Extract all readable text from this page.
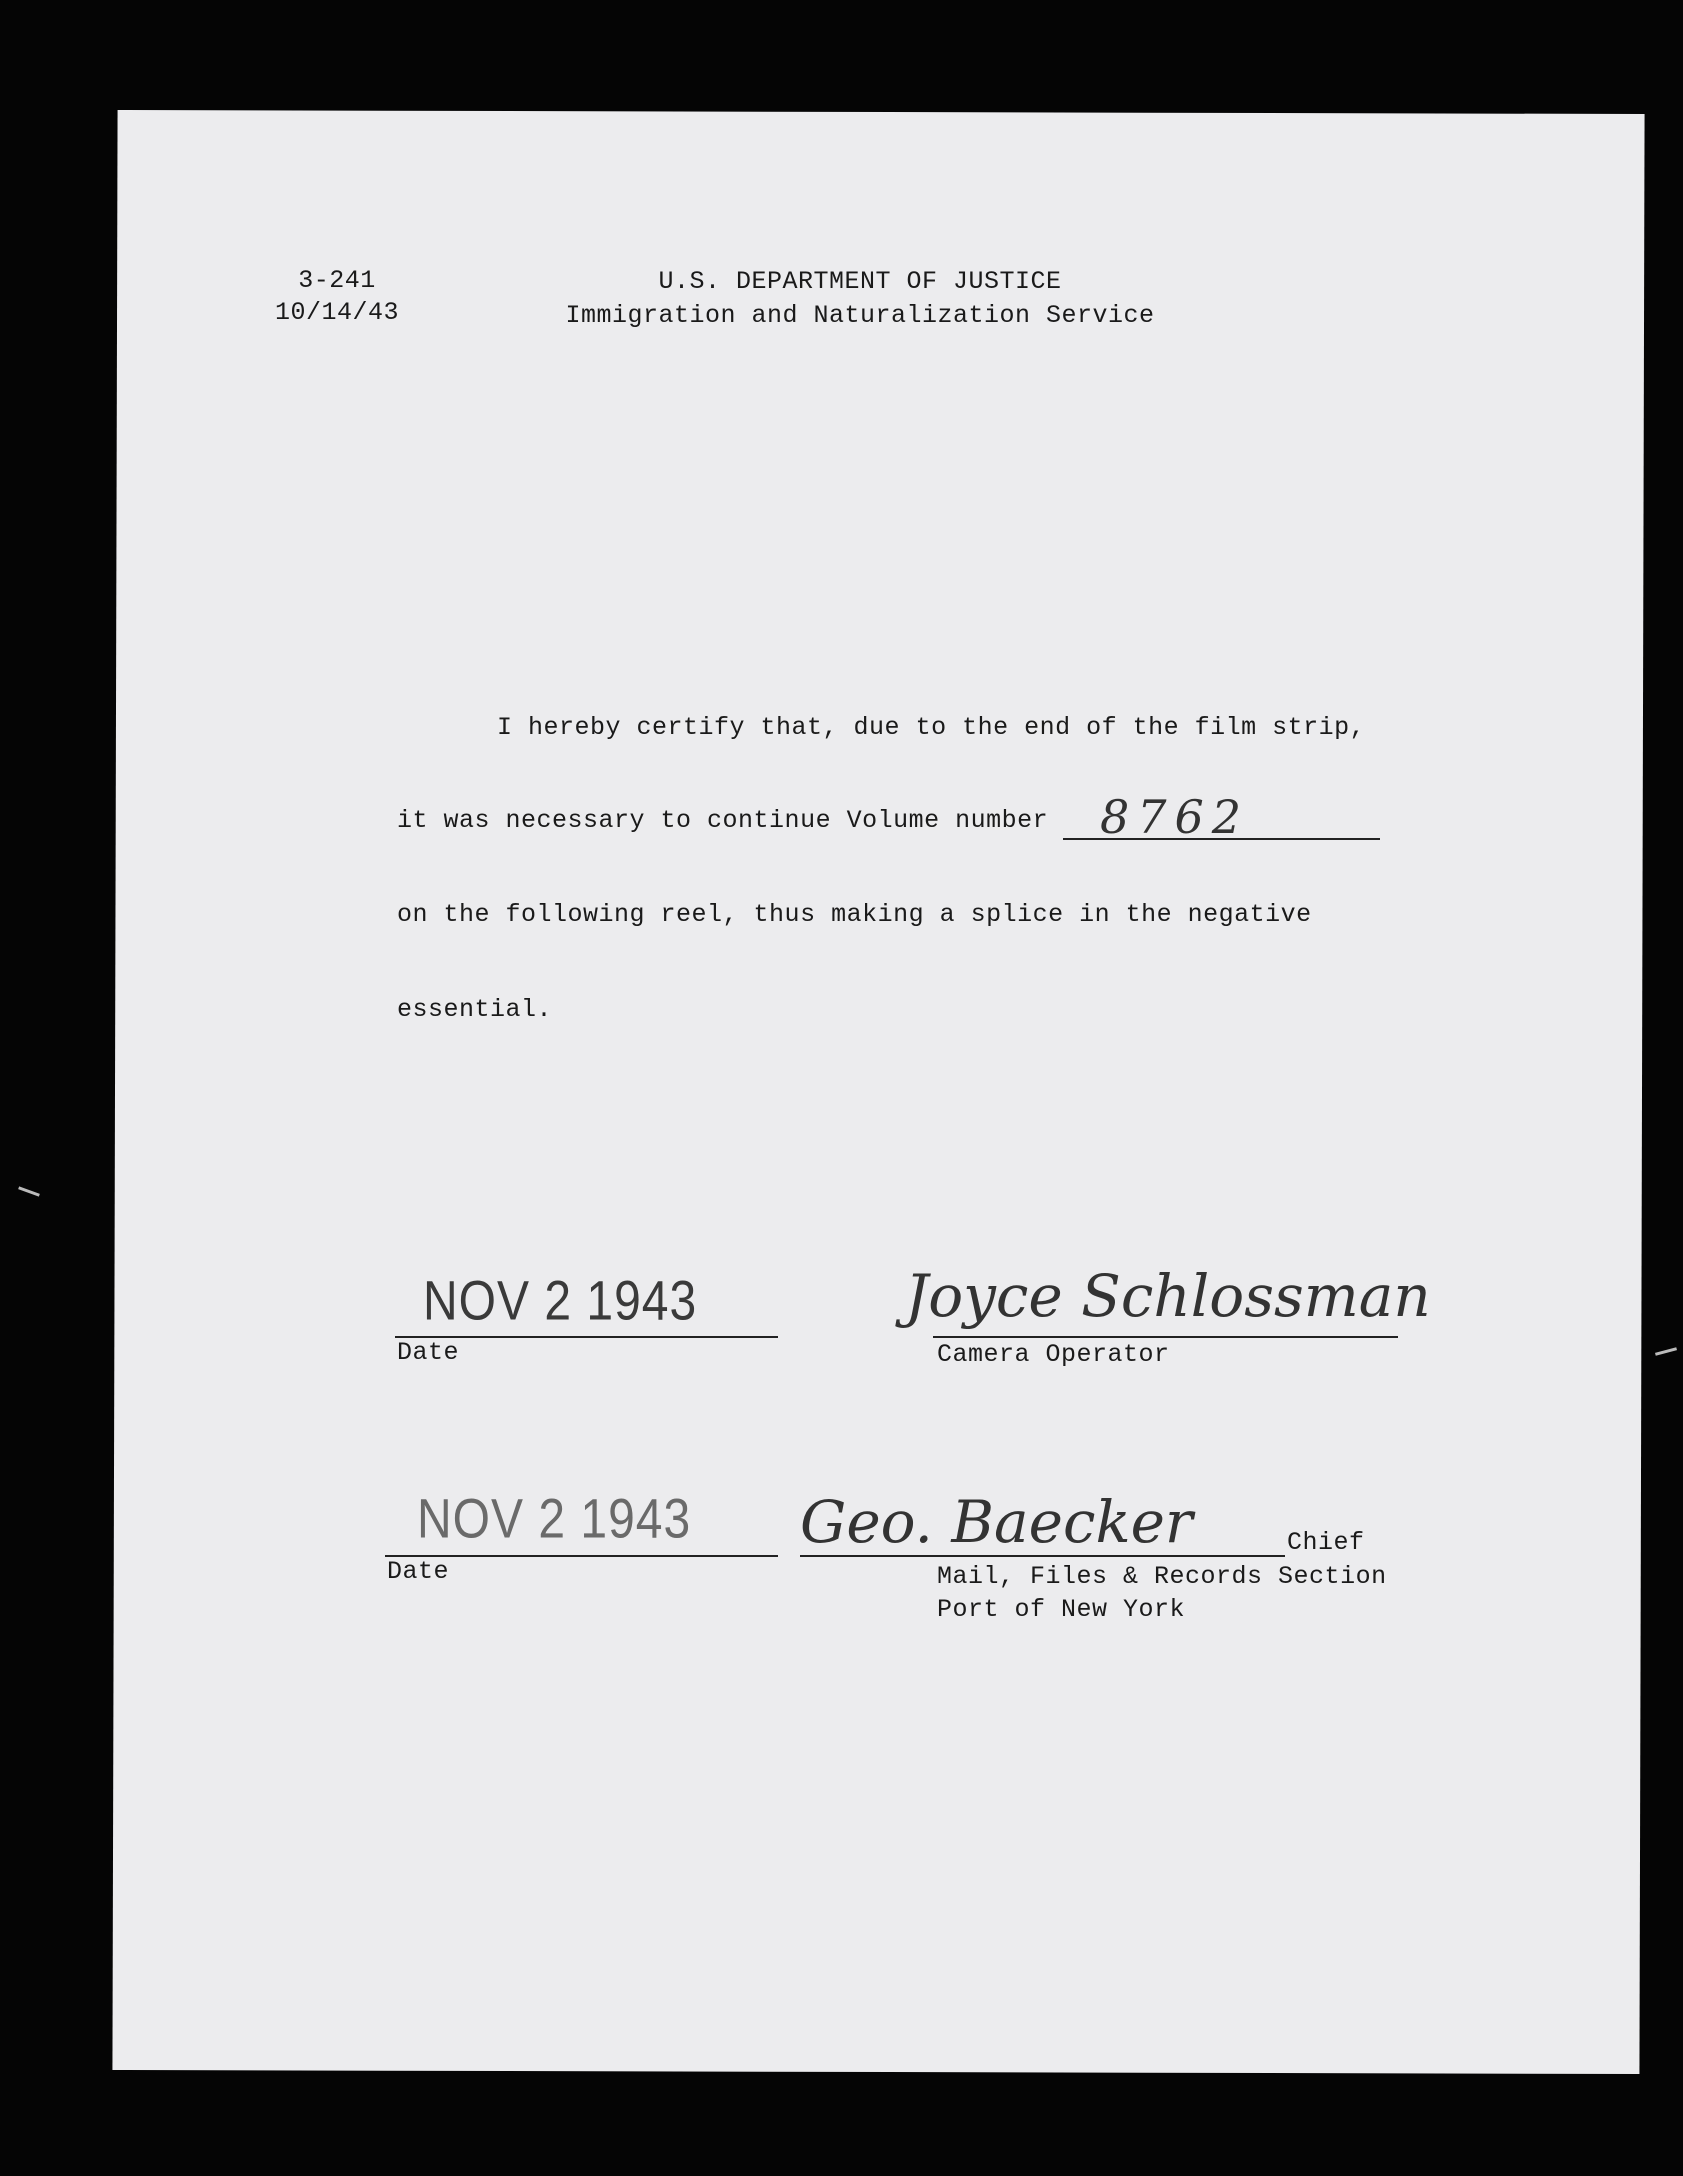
3-241
10/14/43
U.S. DEPARTMENT OF JUSTICE
Immigration and Naturalization Service
I hereby certify that, due to the end of the film strip,
it was necessary to continue Volume number 8762
on the following reel, thus making a splice in the negative
essential.
NOV 2 1943
Date
Joyce Schlossman
Camera Operator
NOV 2 1943
Date
Geo. Baecker	Chief
Mail, Files & Records Section
Port of New York
